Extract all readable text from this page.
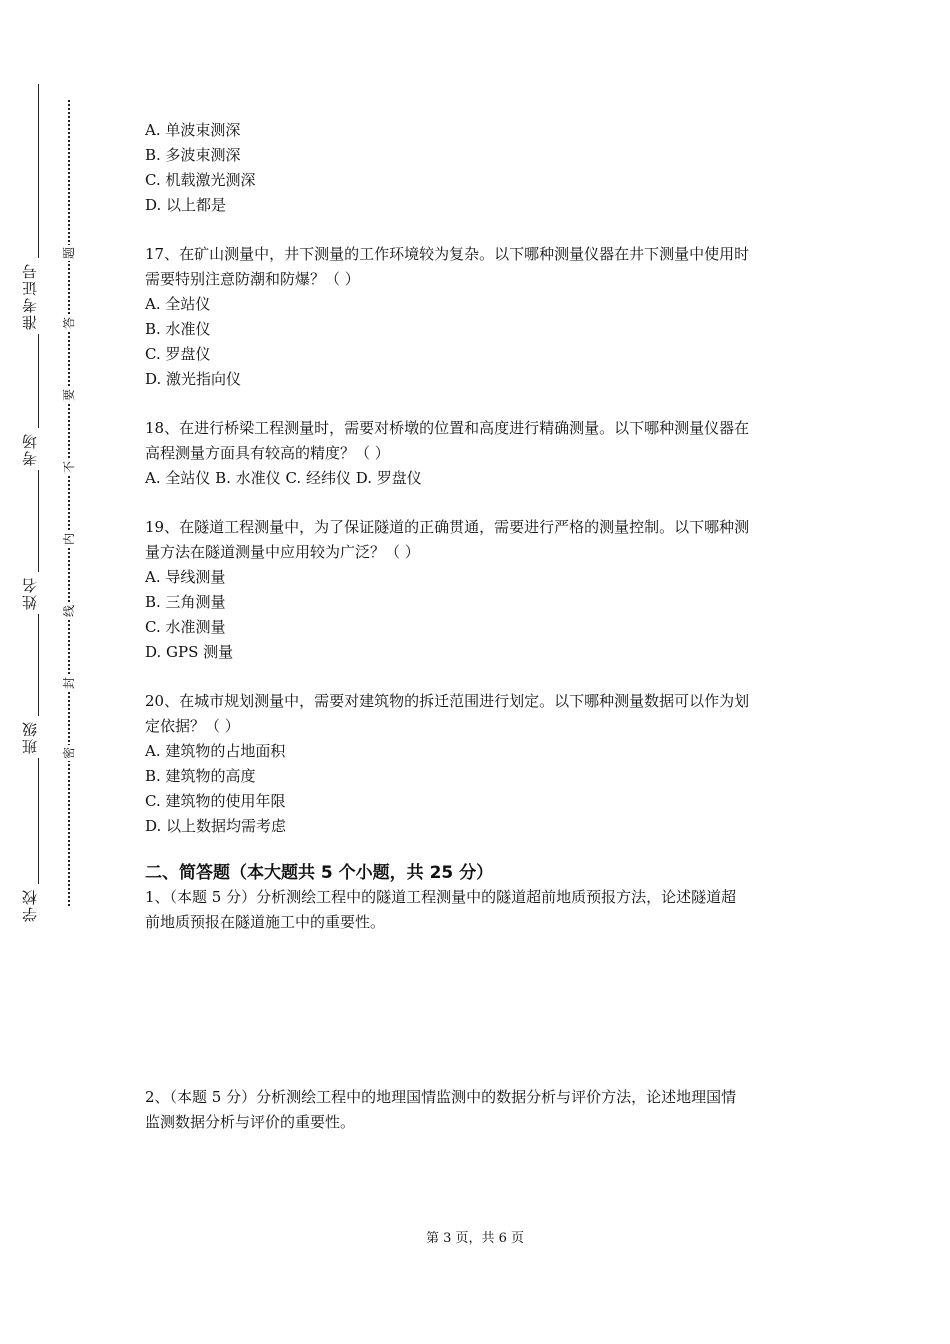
准考证号
考场
姓名
班级
学校
题
答
要
不
内
线
封
密
A. 单波束测深
B. 多波束测深
C. 机载激光测深
D. 以上都是
17、在矿山测量中，井下测量的工作环境较为复杂。以下哪种测量仪器在井下测量中使用时
需要特别注意防潮和防爆？（ ）
A. 全站仪
B. 水准仪
C. 罗盘仪
D. 激光指向仪
18、在进行桥梁工程测量时，需要对桥墩的位置和高度进行精确测量。以下哪种测量仪器在
高程测量方面具有较高的精度？（ ）
A. 全站仪 B. 水准仪 C. 经纬仪 D. 罗盘仪
19、在隧道工程测量中，为了保证隧道的正确贯通，需要进行严格的测量控制。以下哪种测
量方法在隧道测量中应用较为广泛？（ ）
A. 导线测量
B. 三角测量
C. 水准测量
D. GPS 测量
20、在城市规划测量中，需要对建筑物的拆迁范围进行划定。以下哪种测量数据可以作为划
定依据？（ ）
A. 建筑物的占地面积
B. 建筑物的高度
C. 建筑物的使用年限
D. 以上数据均需考虑
二、简答题（本大题共 5 个小题，共 25 分）
1、（本题 5 分）分析测绘工程中的隧道工程测量中的隧道超前地质预报方法，论述隧道超
前地质预报在隧道施工中的重要性。
2、（本题 5 分）分析测绘工程中的地理国情监测中的数据分析与评价方法，论述地理国情
监测数据分析与评价的重要性。
第 3 页，共 6 页
